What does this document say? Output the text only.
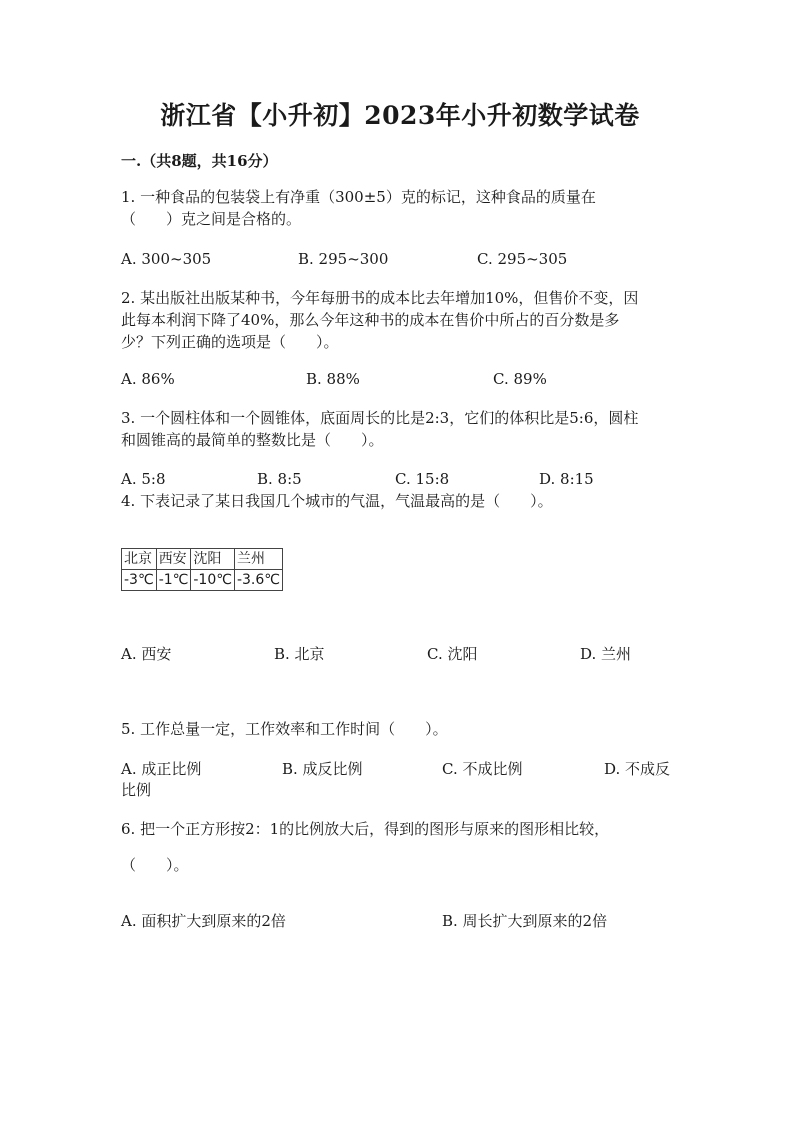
浙江省【小升初】2023年小升初数学试卷
一.（共8题，共16分）
1. 一种食品的包装袋上有净重（300±5）克的标记，这种食品的质量在
（　　）克之间是合格的。
A. 300~305	B. 295~300	C. 295~305
2. 某出版社出版某种书，今年每册书的成本比去年增加10%，但售价不变，因
此每本利润下降了40%，那么今年这种书的成本在售价中所占的百分数是多
少？下列正确的选项是（　　）。
A. 86%	B. 88%	C. 89%
3. 一个圆柱体和一个圆锥体，底面周长的比是2:3，它们的体积比是5:6，圆柱
和圆锥高的最简单的整数比是（　　）。
A. 5:8	B. 8:5	C. 15:8	D. 8:15
4. 下表记录了某日我国几个城市的气温，气温最高的是（　　）。
北京	西安	沈阳	兰州
-3℃	-1℃	-10℃	-3.6℃
A. 西安	B. 北京	C. 沈阳	D. 兰州
5. 工作总量一定，工作效率和工作时间（　　）。
A. 成正比例	B. 成反比例	C. 不成比例	D. 不成反
比例
6. 把一个正方形按2：1的比例放大后，得到的图形与原来的图形相比较，
（　　）。
A. 面积扩大到原来的2倍	B. 周长扩大到原来的2倍
